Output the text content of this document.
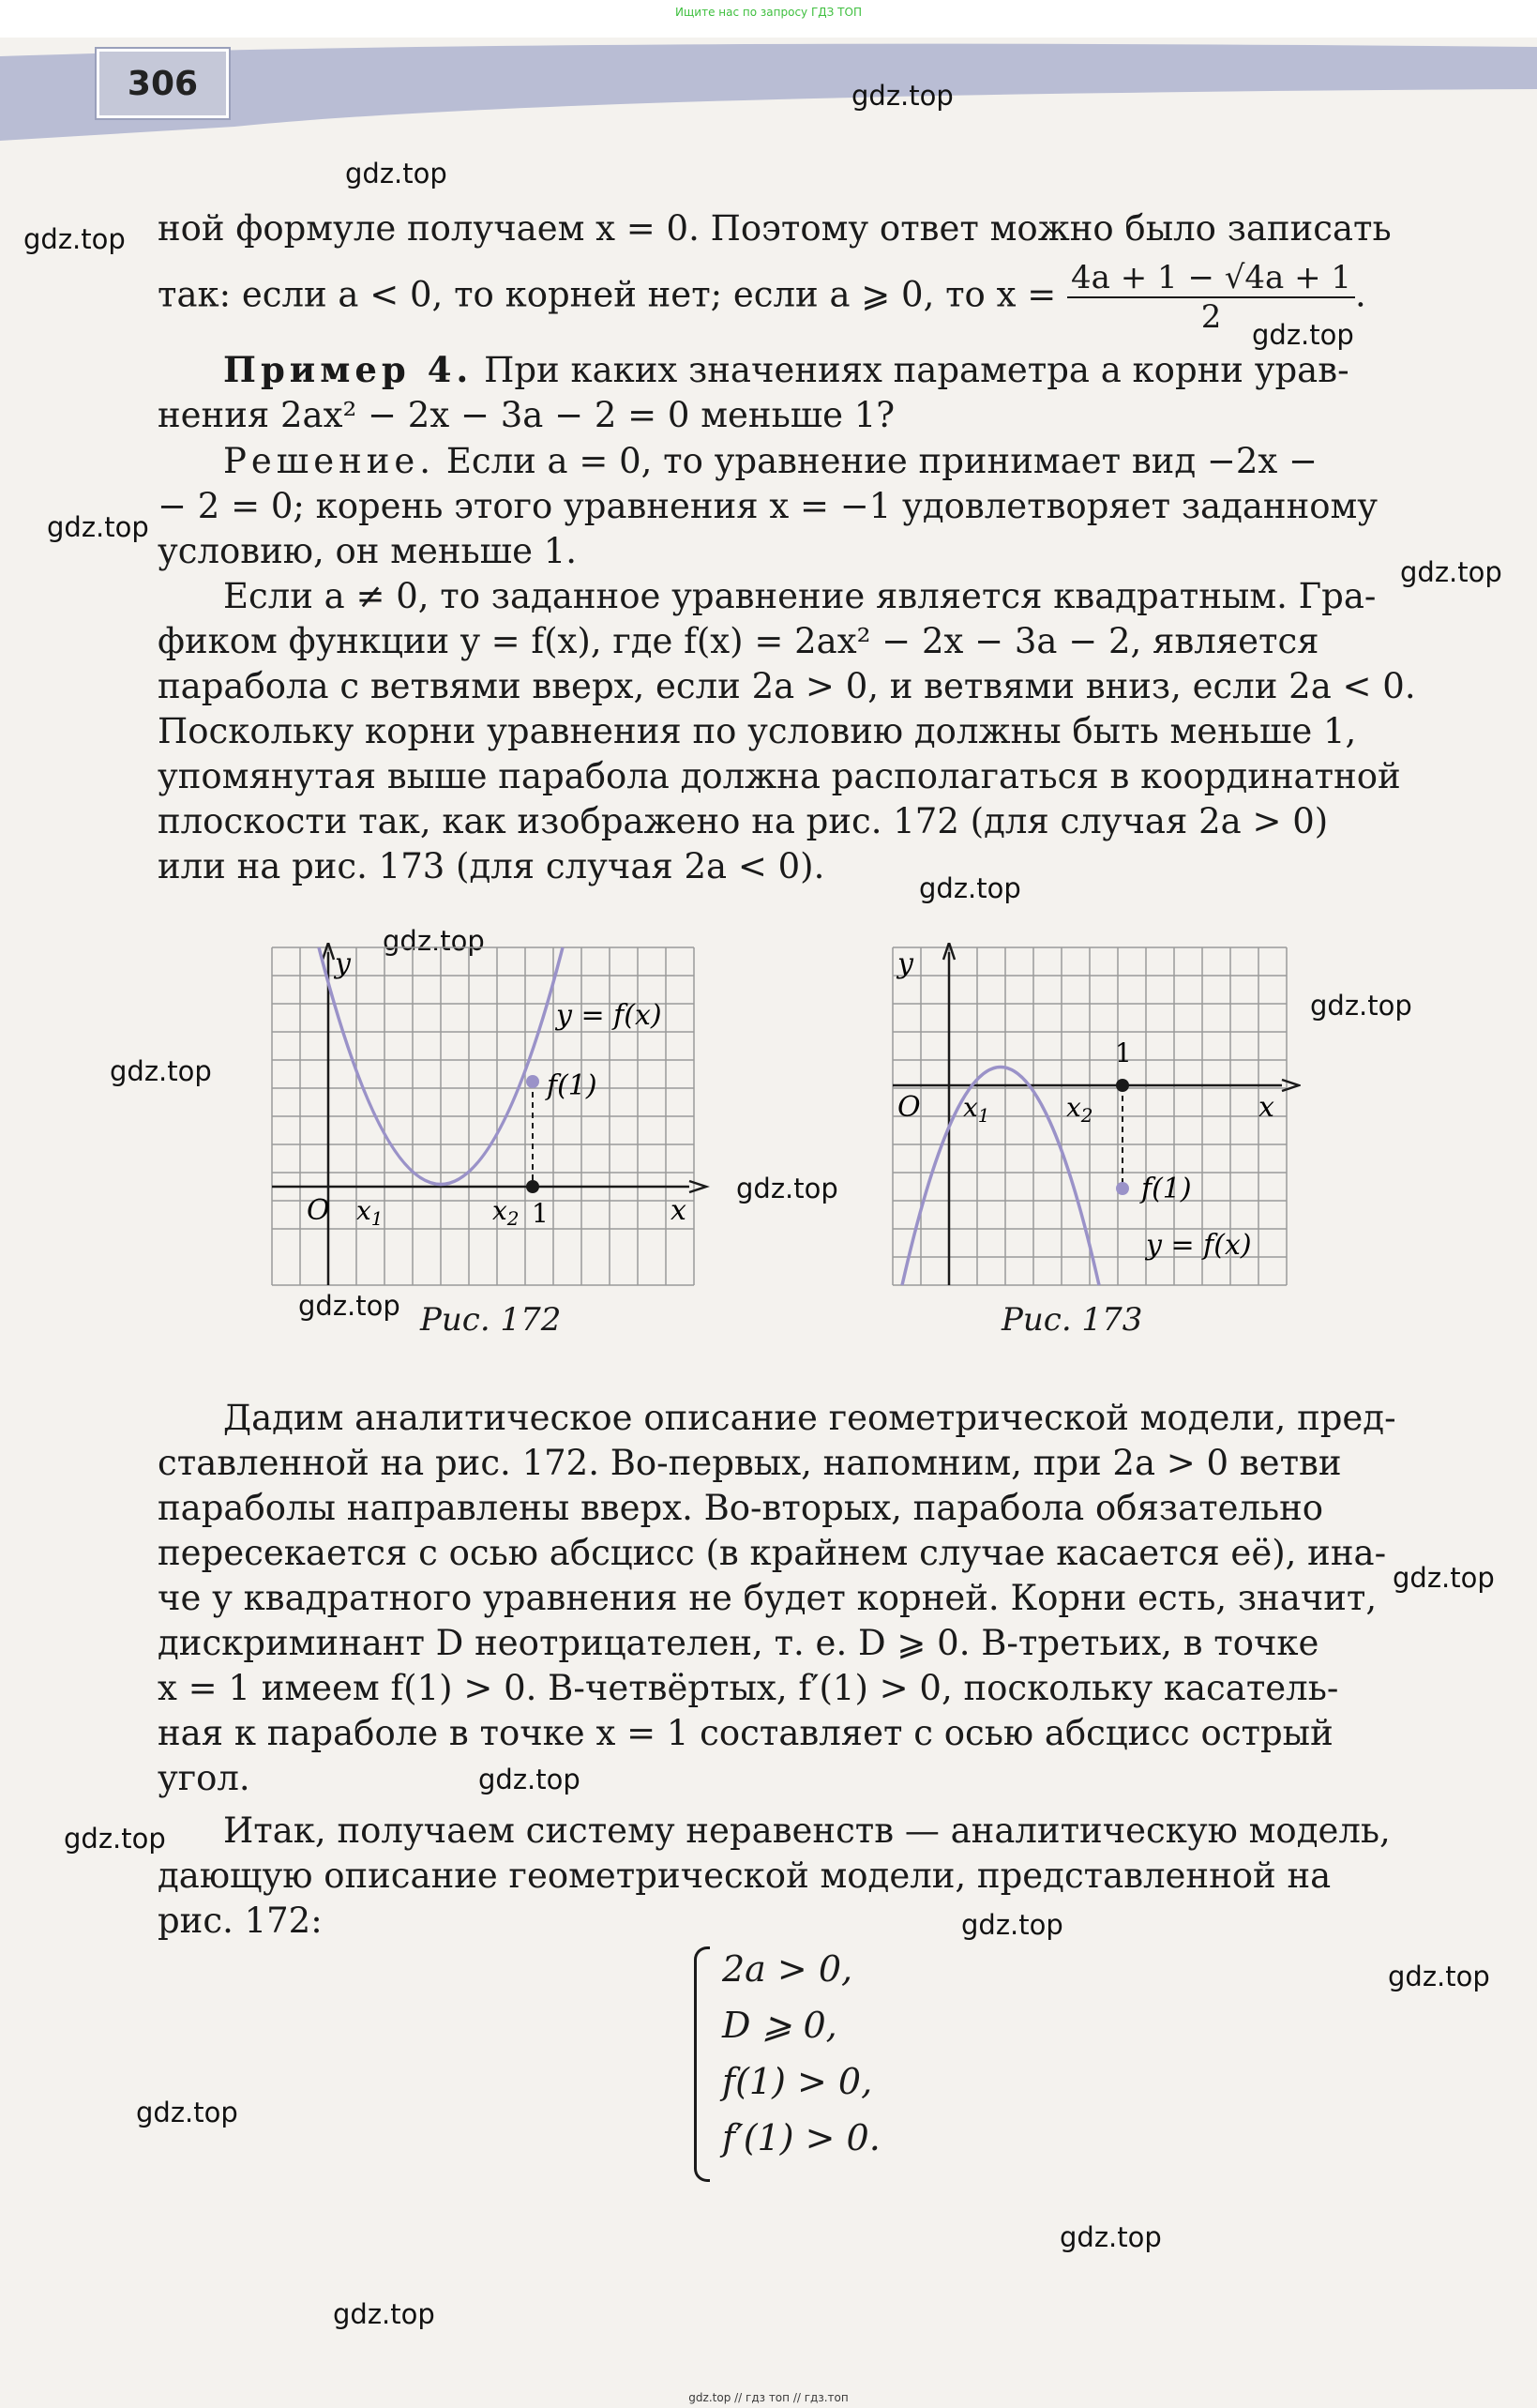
Ищите нас по запросу ГДЗ ТОП
306	gdz.top
gdz.top
gdz.top
gdz.top
gdz.top
gdz.top
gdz.top
gdz.top
gdz.top
gdz.top
gdz.top
gdz.top
gdz.top
gdz.top
gdz.top
gdz.top
gdz.top
gdz.top
gdz.top
gdz.top
ной формуле получаем x = 0. Поэтому ответ можно было записать
так: если a < 0, то корней нет; если a ⩾ 0, то $x = \frac{4a + 1 - √4a + 1}{2}$ .
Пример 4. При каких значениях параметра a корни урав-
нения 2ax² − 2x − 3a − 2 = 0 меньше 1?
Решение. Если a = 0, то уравнение принимает вид −2x −
− 2 = 0; корень этого уравнения x = −1 удовлетворяет заданному
условию, он меньше 1.
Если a ≠ 0, то заданное уравнение является квадратным. Гра-
фиком функции y = f(x), где f(x) = 2ax² − 2x − 3a − 2, является
парабола с ветвями вверх, если 2a > 0, и ветвями вниз, если 2a < 0.
Поскольку корни уравнения по условию должны быть меньше 1,
упомянутая выше парабола должна располагаться в координатной
плоскости так, как изображено на рис. 172 (для случая 2a > 0)
или на рис. 173 (для случая 2a < 0).
y
x
O $x_1$	$x_2$ 1
y = f(x)
f(1)
Рис. 172
y
x
O $x_1$	$x_2$
1
f(1)
y = f(x)
Рис. 173
Дадим аналитическое описание геометрической модели, пред-
ставленной на рис. 172. Во-первых, напомним, при 2a > 0 ветви
параболы направлены вверх. Во-вторых, парабола обязательно
пересекается с осью абсцисс (в крайнем случае касается её), ина-
че у квадратного уравнения не будет корней. Корни есть, значит,
дискриминант D неотрицателен, т. е. D ⩾ 0. В-третьих, в точке
x = 1 имеем f(1) > 0. В-четвёртых, f′(1) > 0, поскольку касатель-
ная к параболе в точке x = 1 составляет с осью абсцисс острый
угол.
Итак, получаем систему неравенств — аналитическую модель,
дающую описание геометрической модели, представленной на
рис. 172:
2a > 0,
D ⩾ 0,
f(1) > 0,
f′(1) > 0.
gdz.top // гдз топ // гдз.топ
